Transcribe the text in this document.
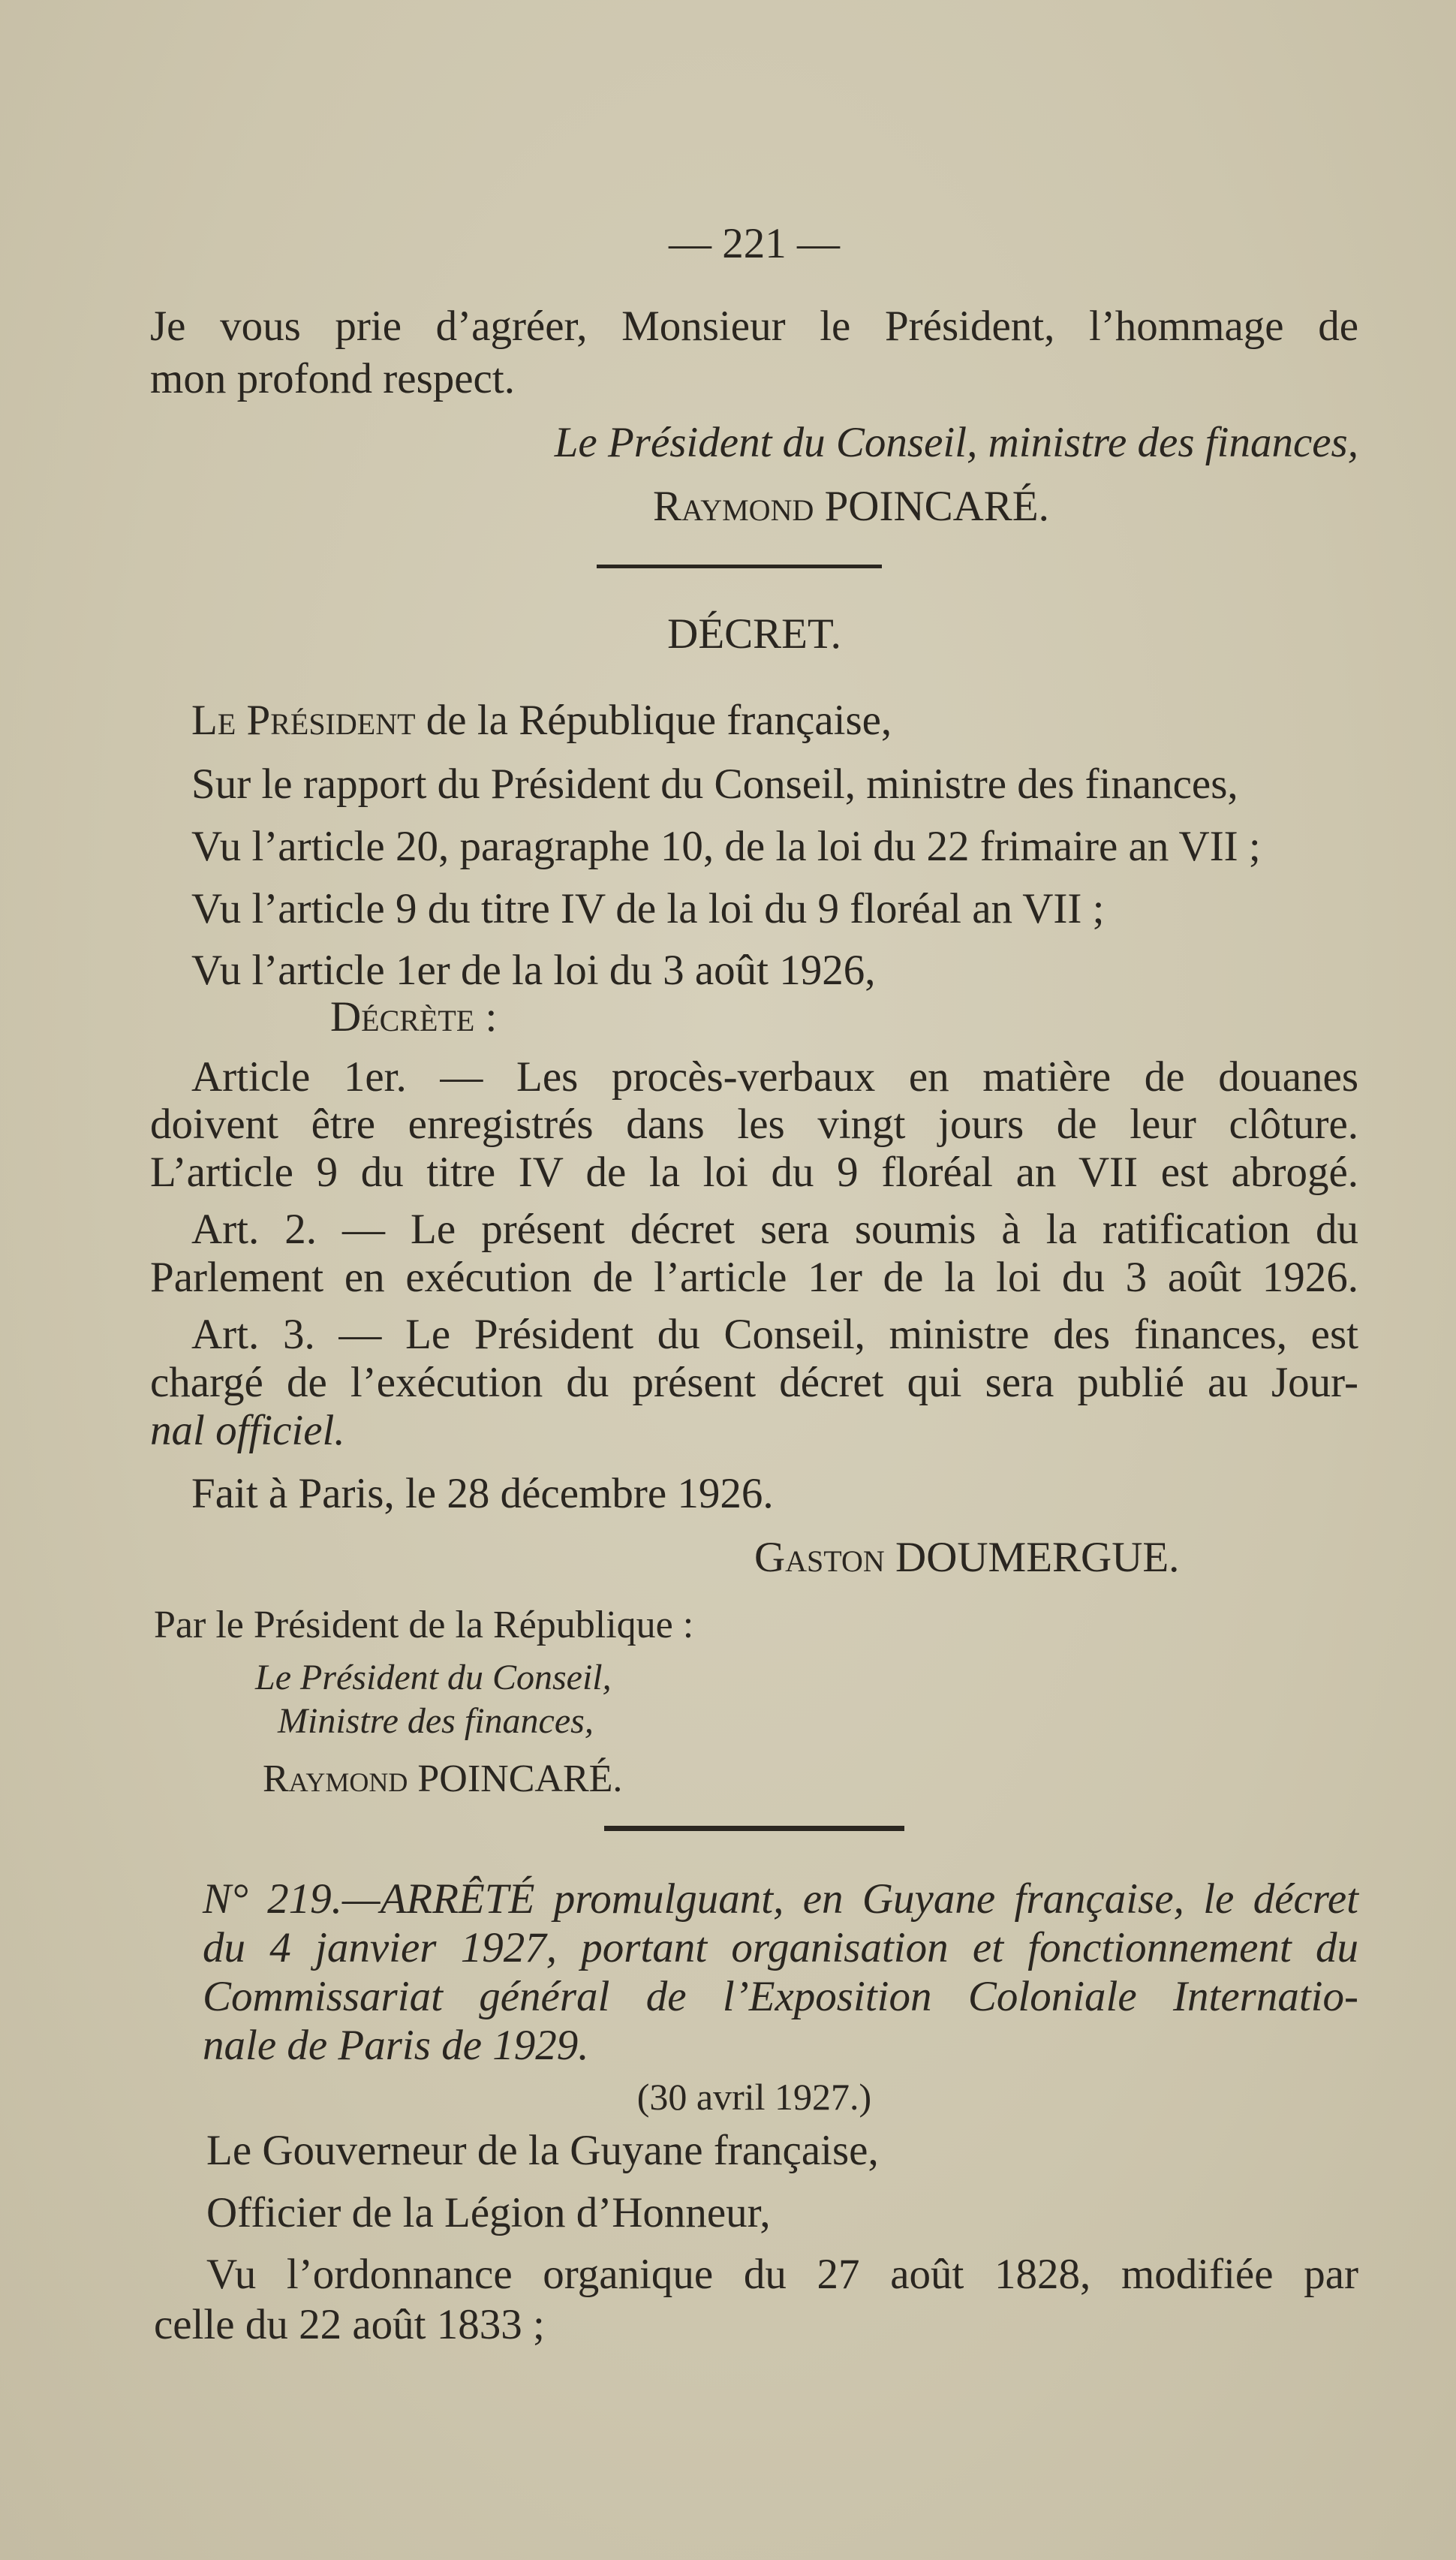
— 221 —
Je vous prie d’agréer, Monsieur le Président, l’hommage de
mon profond respect.
Le Président du Conseil, ministre des finances,
Raymond POINCARÉ.
DÉCRET.
Le Président de la République française,
Sur le rapport du Président du Conseil, ministre des finances,
Vu l’article 20, paragraphe 10, de la loi du 22 frimaire an VII ;
Vu l’article 9 du titre IV de la loi du 9 floréal an VII ;
Vu l’article 1er de la loi du 3 août 1926,
Décrète :
Article 1er. — Les procès-verbaux en matière de douanes
doivent être enregistrés dans les vingt jours de leur clôture.
L’article 9 du titre IV de la loi du 9 floréal an VII est abrogé.
Art. 2. — Le présent décret sera soumis à la ratification du
Parlement en exécution de l’article 1er de la loi du 3 août 1926.
Art. 3. — Le Président du Conseil, ministre des finances, est
chargé de l’exécution du présent décret qui sera publié au Jour-
nal officiel.
Fait à Paris, le 28 décembre 1926.
Gaston DOUMERGUE.
Par le Président de la République :
Le Président du Conseil,
Ministre des finances,
Raymond POINCARÉ.
N° 219.—ARRÊTÉ promulguant, en Guyane française, le décret
du 4 janvier 1927, portant organisation et fonctionnement du
Commissariat général de l’Exposition Coloniale Internatio-
nale de Paris de 1929.
(30 avril 1927.)
Le Gouverneur de la Guyane française,
Officier de la Légion d’Honneur,
Vu l’ordonnance organique du 27 août 1828, modifiée par
celle du 22 août 1833 ;
